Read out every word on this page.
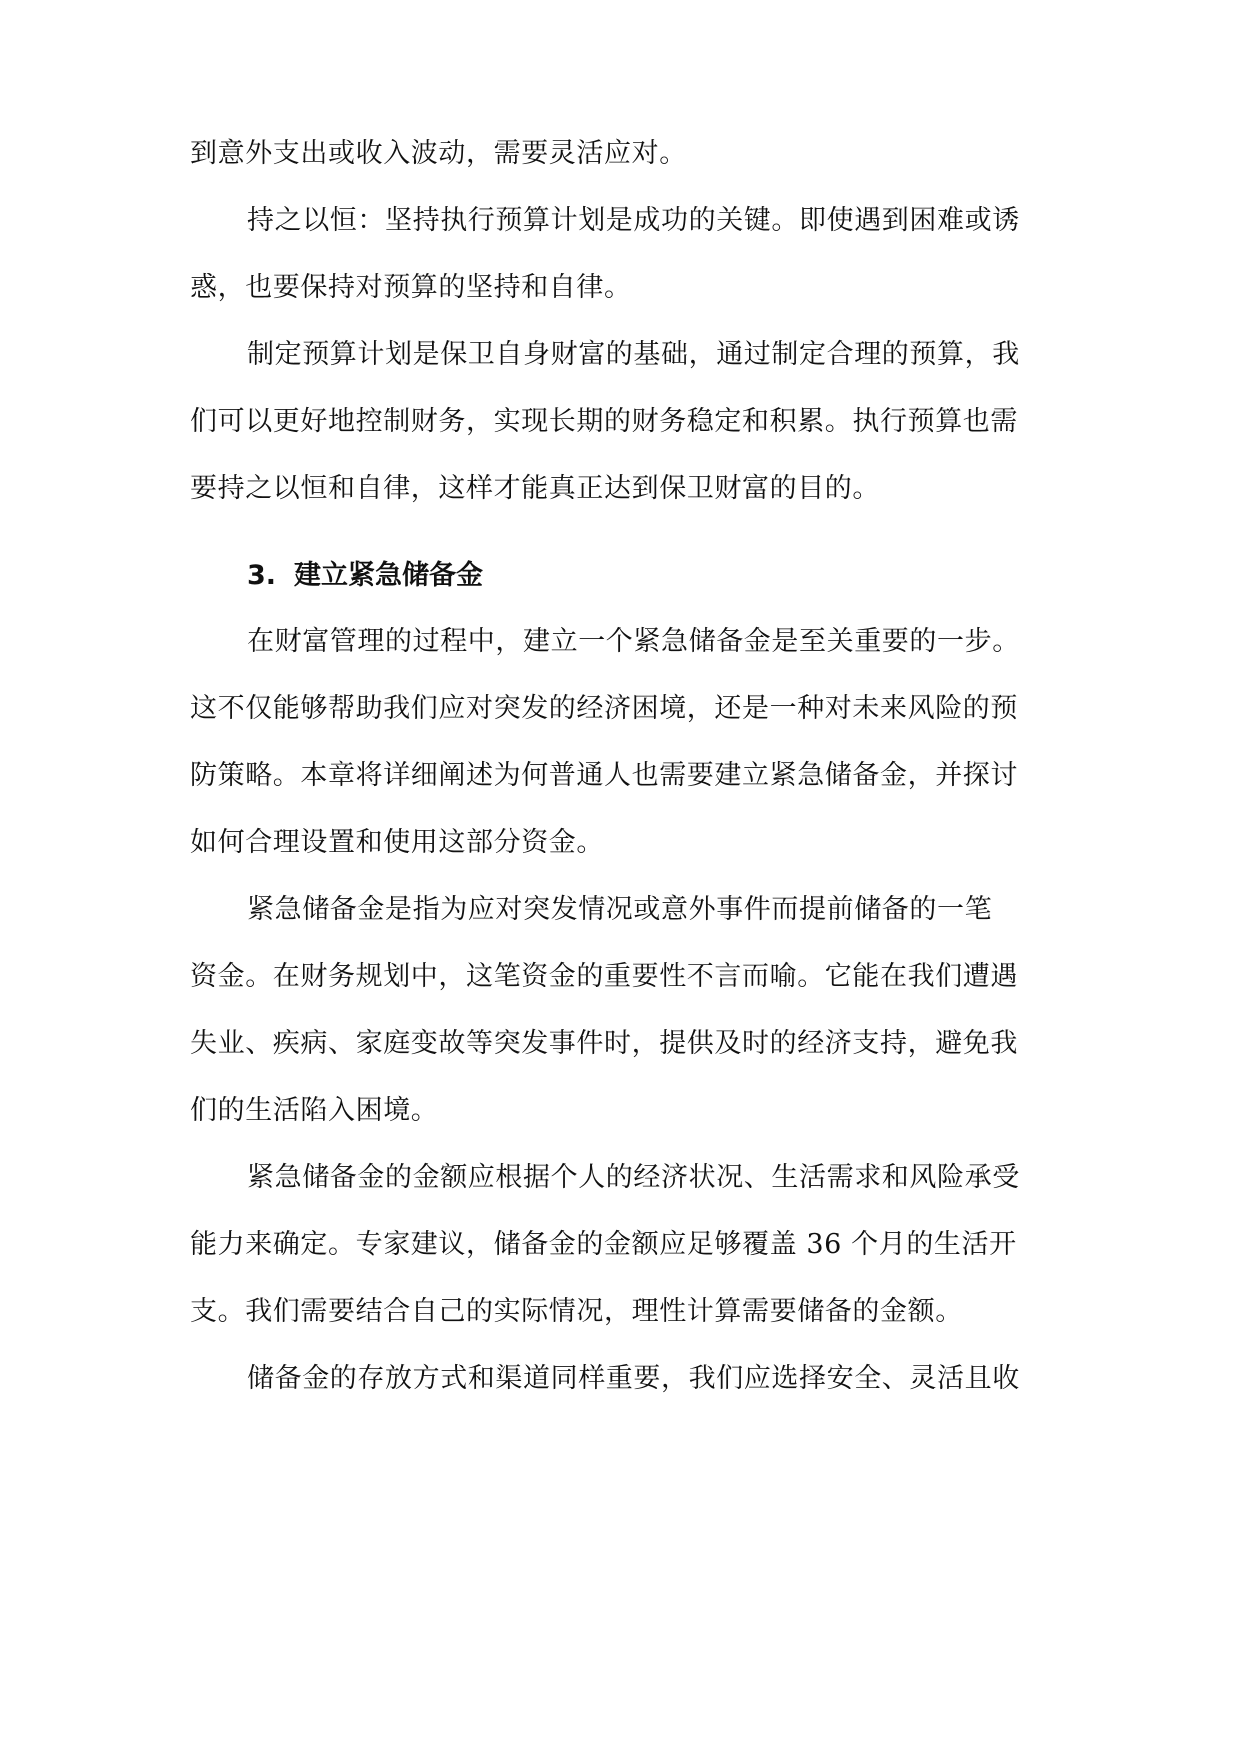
到意外支出或收入波动，需要灵活应对。
持之以恒：坚持执行预算计划是成功的关键。即使遇到困难或诱
惑，也要保持对预算的坚持和自律。
制定预算计划是保卫自身财富的基础，通过制定合理的预算，我
们可以更好地控制财务，实现长期的财务稳定和积累。执行预算也需
要持之以恒和自律，这样才能真正达到保卫财富的目的。
3. 建立紧急储备金
在财富管理的过程中，建立一个紧急储备金是至关重要的一步。
这不仅能够帮助我们应对突发的经济困境，还是一种对未来风险的预
防策略。本章将详细阐述为何普通人也需要建立紧急储备金，并探讨
如何合理设置和使用这部分资金。
紧急储备金是指为应对突发情况或意外事件而提前储备的一笔
资金。在财务规划中，这笔资金的重要性不言而喻。它能在我们遭遇
失业、疾病、家庭变故等突发事件时，提供及时的经济支持，避免我
们的生活陷入困境。
紧急储备金的金额应根据个人的经济状况、生活需求和风险承受
能力来确定。专家建议，储备金的金额应足够覆盖 36 个月的生活开
支。我们需要结合自己的实际情况，理性计算需要储备的金额。
储备金的存放方式和渠道同样重要，我们应选择安全、灵活且收
